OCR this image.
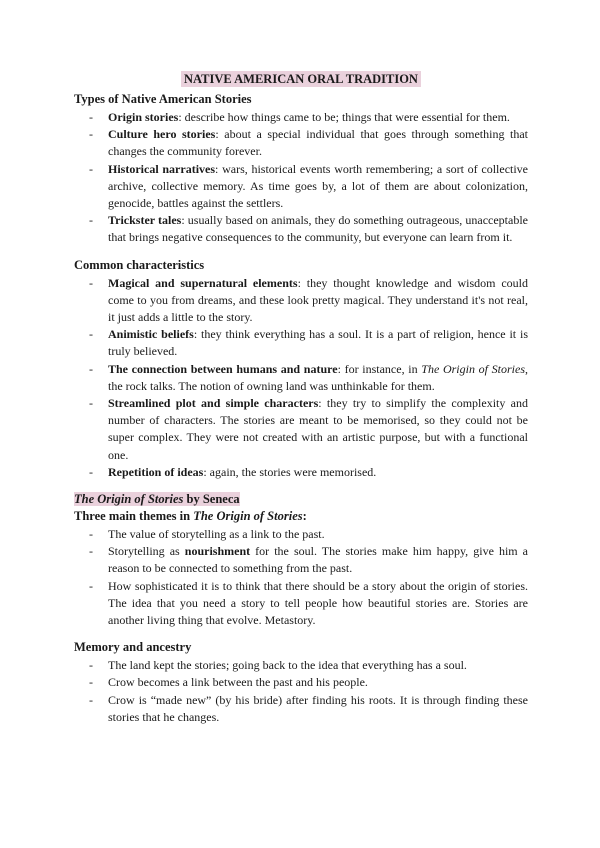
NATIVE AMERICAN ORAL TRADITION

Types of Native American Stories

- Origin stories: describe how things came to be; things that were essential for them.
- Culture hero stories: about a special individual that goes through something that changes the community forever.
- Historical narratives: wars, historical events worth remembering; a sort of collective archive, collective memory. As time goes by, a lot of them are about colonization, genocide, battles against the settlers.
- Trickster tales: usually based on animals, they do something outrageous, unacceptable that brings negative consequences to the community, but everyone can learn from it.

Common characteristics

- Magical and supernatural elements: they thought knowledge and wisdom could come to you from dreams, and these look pretty magical. They understand it's not real, it just adds a little to the story.
- Animistic beliefs: they think everything has a soul. It is a part of religion, hence it is truly believed.
- The connection between humans and nature: for instance, in The Origin of Stories, the rock talks. The notion of owning land was unthinkable for them.
- Streamlined plot and simple characters: they try to simplify the complexity and number of characters. The stories are meant to be memorised, so they could not be super complex. They were not created with an artistic purpose, but with a functional one.
- Repetition of ideas: again, the stories were memorised.

The Origin of Stories by Seneca

Three main themes in The Origin of Stories:

- The value of storytelling as a link to the past.
- Storytelling as nourishment for the soul. The stories make him happy, give him a reason to be connected to something from the past.
- How sophisticated it is to think that there should be a story about the origin of stories. The idea that you need a story to tell people how beautiful stories are. Stories are another living thing that evolve. Metastory.

Memory and ancestry

- The land kept the stories; going back to the idea that everything has a soul.
- Crow becomes a link between the past and his people.
- Crow is “made new” (by his bride) after finding his roots. It is through finding these stories that he changes.
